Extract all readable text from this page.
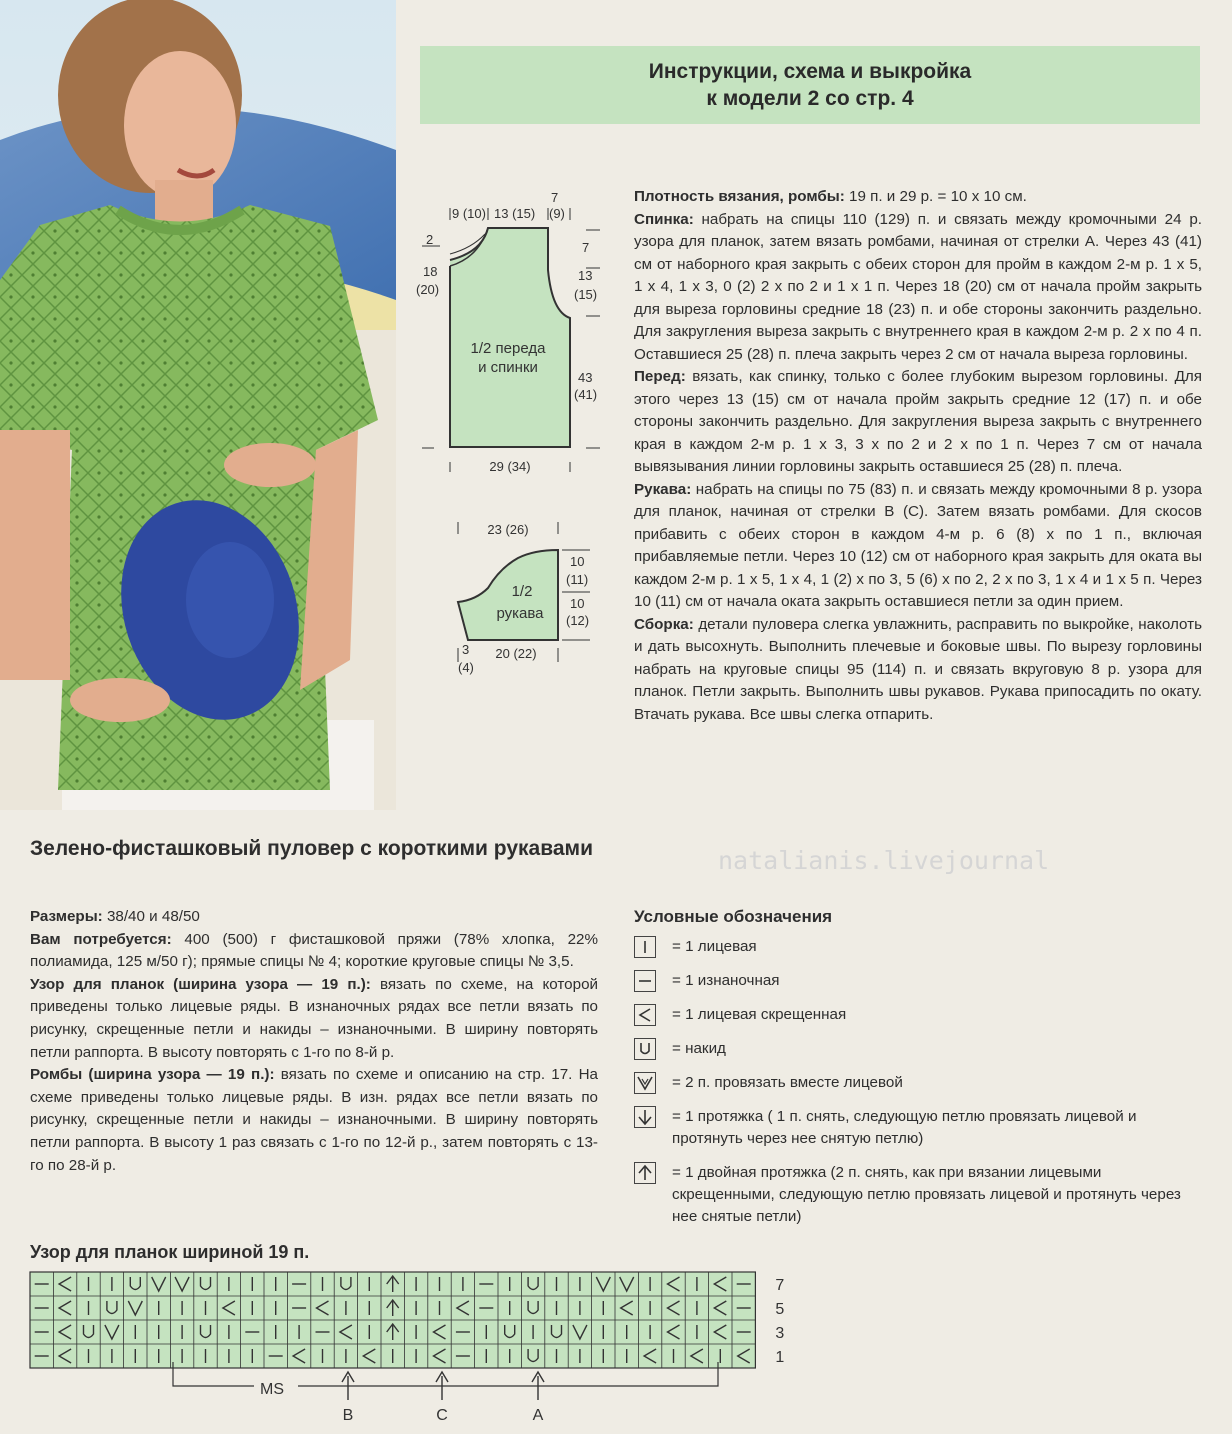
Инструкции, схема и выкройка
к модели 2 со стр. 4
9 (10) 13 (15)
7
(9)
2
18
(20)
7
13
(15)
43
(41)
1/2 переда
и спинки
29 (34)
23 (26)
10
(11)
10
(12)
1/2
рукава
3
(4)
20 (22)

Плотность вязания, ромбы: 19 п. и 29 р. = 10 х 10 см.

Спинка: набрать на спицы 110 (129) п. и связать между кромочными 24 р. узора для планок, затем вязать ромбами, начиная от стрелки А. Через 43 (41) см от наборного края закрыть с обеих сторон для пройм в каждом 2-м р. 1 х 5, 1 х 4, 1 х 3, 0 (2) 2 х по 2 и 1 х 1 п. Через 18 (20) см от начала пройм закрыть для выреза горловины средние 18 (23) п. и обе стороны закончить раздельно. Для закругления выреза закрыть с внутреннего края в каждом 2-м р. 2 х по 4 п. Оставшиеся 25 (28) п. плеча закрыть через 2 см от начала выреза горловины.

Перед: вязать, как спинку, только с более глубоким вырезом горловины. Для этого через 13 (15) см от начала пройм закрыть средние 12 (17) п. и обе стороны закончить раздельно. Для закругления выреза закрыть с внутреннего края в каждом 2-м р. 1 х 3, 3 х по 2 и 2 х по 1 п. Через 7 см от начала вывязывания линии горловины закрыть оставшиеся 25 (28) п. плеча.

Рукава: набрать на спицы по 75 (83) п. и связать между кромочными 8 р. узора для планок, начиная от стрелки В (С). Затем вязать ромбами. Для скосов прибавить с обеих сторон в каждом 4-м р. 6 (8) х по 1 п., включая прибавляемые петли. Через 10 (12) см от наборного края закрыть для оката вы каждом 2-м р. 1 х 5, 1 х 4, 1 (2) х по 3, 5 (6) х по 2, 2 х по 3, 1 х 4 и 1 х 5 п. Через 10 (11) см от начала оката закрыть оставшиеся петли за один прием.

Сборка: детали пуловера слегка увлажнить, расправить по выкройке, наколоть и дать высохнуть. Выполнить плечевые и боковые швы. По вырезу горловины набрать на круговые спицы 95 (114) п. и связать вкруговую 8 р. узора для планок. Петли закрыть. Выполнить швы рукавов. Рукава припосадить по окату. Втачать рукава. Все швы слегка отпарить.

natalianis.livejournal
Условные обозначения
= 1 лицевая
= 1 изнаночная
= 1 лицевая скрещенная
= накид
= 2 п. провязать вместе лицевой
= 1 протяжка ( 1 п. снять, следующую петлю провязать лицевой и протянуть через нее снятую петлю)
= 1 двойная протяжка (2 п. снять, как при вязании лицевыми скрещенными, следующую петлю провязать лицевой и протянуть через нее снятые петли)
Зелено-фисташковый пуловер с короткими рукавами

Размеры: 38/40 и 48/50

Вам потребуется: 400 (500) г фисташковой пряжи (78% хлопка, 22% полиамида, 125 м/50 г); прямые спицы № 4; короткие круговые спицы № 3,5.

Узор для планок (ширина узора — 19 п.): вязать по схеме, на которой приведены только лицевые ряды. В изнаночных рядах все петли вязать по рисунку, скрещенные петли и накиды – изнаночными. В ширину повторять петли раппорта. В высоту повторять с 1-го по 8-й р.

Ромбы (ширина узора — 19 п.): вязать по схеме и описанию на стр. 17. На схеме приведены только лицевые ряды. В изн. рядах все петли вязать по рисунку, скрещенные петли и накиды – изнаночными. В ширину повторять петли раппорта. В высоту 1 раз связать с 1-го по 12-й р., затем повторять с 13-го по 28-й р.

Узор для планок шириной 19 п.
7
5
3
1
MS
B	C	A
